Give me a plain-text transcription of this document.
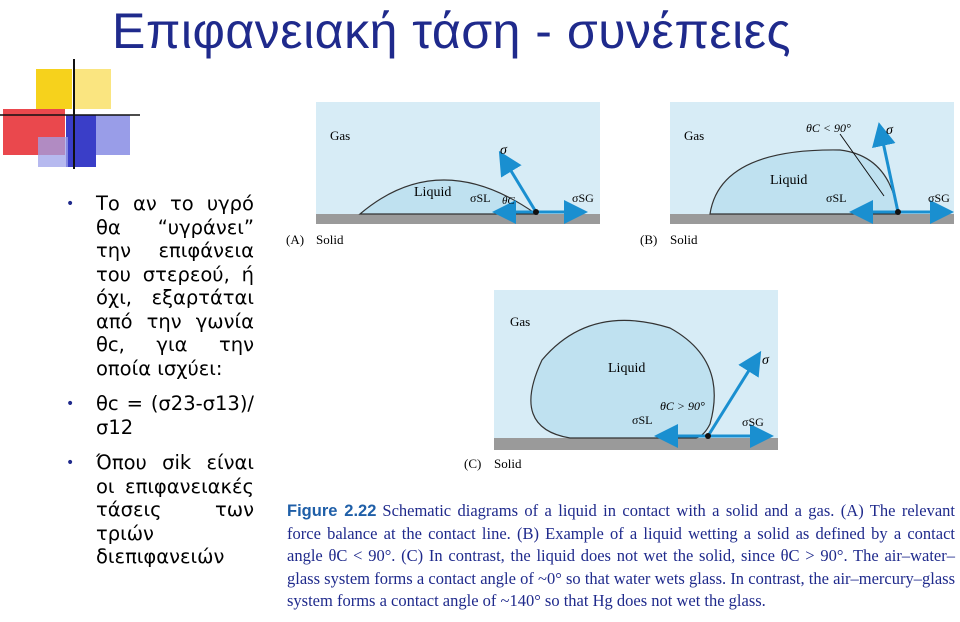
Επιφανειακή τάση - συνέπειες
• Το αν το υγρό θα “υγράνει” την επιφάνεια του στερεού, ή όχι, εξαρτάται από την γωνία θc, για την οποία ισχύει:
• θc = (σ23-σ13)/σ12
• Όπου σik είναι οι επιφανειακές τάσεις των τριών διεπιφανειών
Gas
Liquid
σ
σSL	σSG
θC
(A) Solid
Gas
Liquid
θC < 90°	σ
σSL	σSG
(B) Solid
Gas
Liquid
θC > 90°
σ
σSL	σSG
(C) Solid
Figure 2.22 Schematic diagrams of a liquid in contact with a solid and a gas. (A) The relevant force balance at the contact line. (B) Example of a liquid wetting a solid as defined by a contact angle θC < 90°. (C) In contrast, the liquid does not wet the solid, since θC > 90°. The air–water–glass system forms a contact angle of ~0° so that water wets glass. In contrast, the air–mercury–glass system forms a contact angle of ~140° so that Hg does not wet the glass.
